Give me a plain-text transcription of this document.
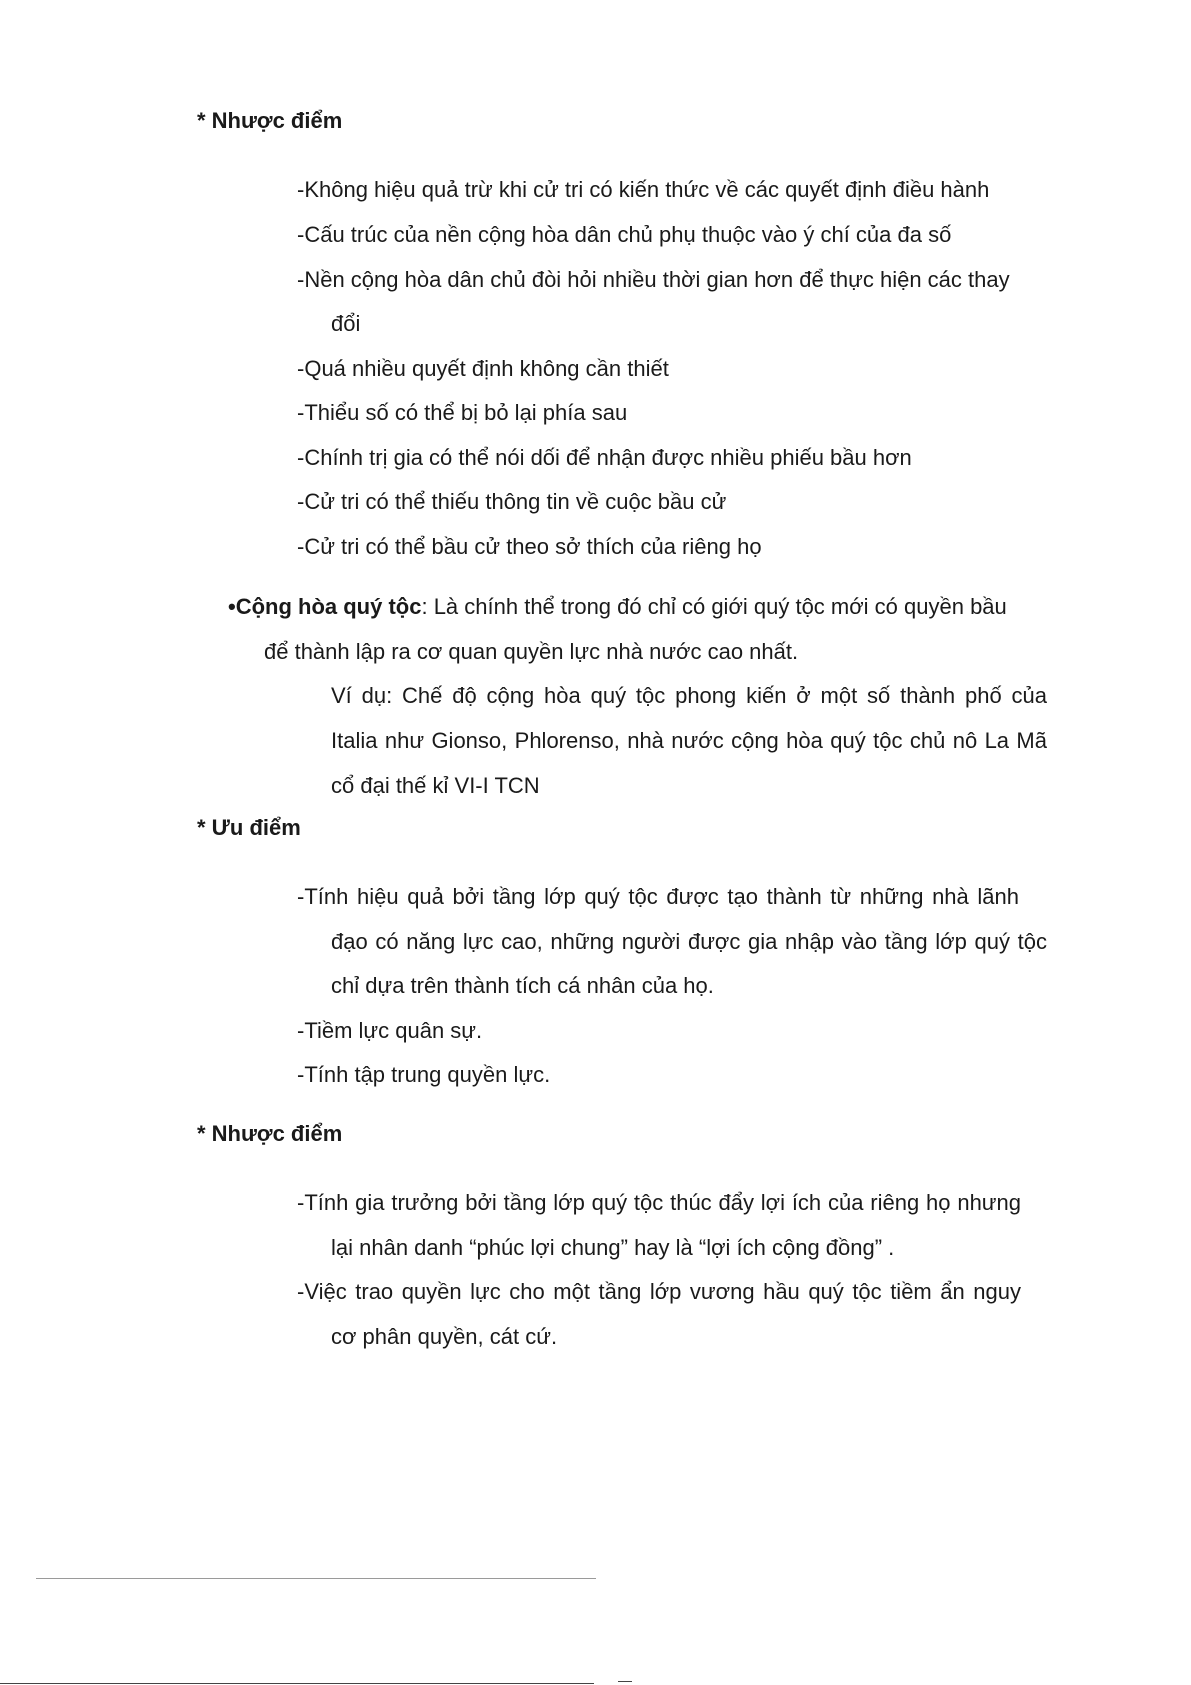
* Nhược điểm
-Không hiệu quả trừ khi cử tri có kiến thức về các quyết định điều hành
-Cấu trúc của nền cộng hòa dân chủ phụ thuộc vào ý chí của đa số
-Nền cộng hòa dân chủ đòi hỏi nhiều thời gian hơn để thực hiện các thay
đổi
-Quá nhiều quyết định không cần thiết
-Thiểu số có thể bị bỏ lại phía sau
-Chính trị gia có thể nói dối để nhận được nhiều phiếu bầu hơn
-Cử tri có thể thiếu thông tin về cuộc bầu cử
-Cử tri có thể bầu cử theo sở thích của riêng họ
•Cộng hòa quý tộc: Là chính thể trong đó chỉ có giới quý tộc mới có quyền bầu
để thành lập ra cơ quan quyền lực nhà nước cao nhất.
Ví dụ: Chế độ cộng hòa quý tộc phong kiến ở một số thành phố của
Italia như Gionso, Phlorenso, nhà nước cộng hòa quý tộc chủ nô La Mã
cổ đại thế kỉ VI-I TCN
* Ưu điểm
-Tính hiệu quả bởi tầng lớp quý tộc được tạo thành từ những nhà lãnh
đạo có năng lực cao, những người được gia nhập vào tầng lớp quý tộc
chỉ dựa trên thành tích cá nhân của họ.
-Tiềm lực quân sự.
-Tính tập trung quyền lực.
* Nhược điểm
-Tính gia trưởng bởi tầng lớp quý tộc thúc đẩy lợi ích của riêng họ nhưng
lại nhân danh “phúc lợi chung” hay là “lợi ích cộng đồng” .
-Việc trao quyền lực cho một tầng lớp vương hầu quý tộc tiềm ẩn nguy
cơ phân quyền, cát cứ.
